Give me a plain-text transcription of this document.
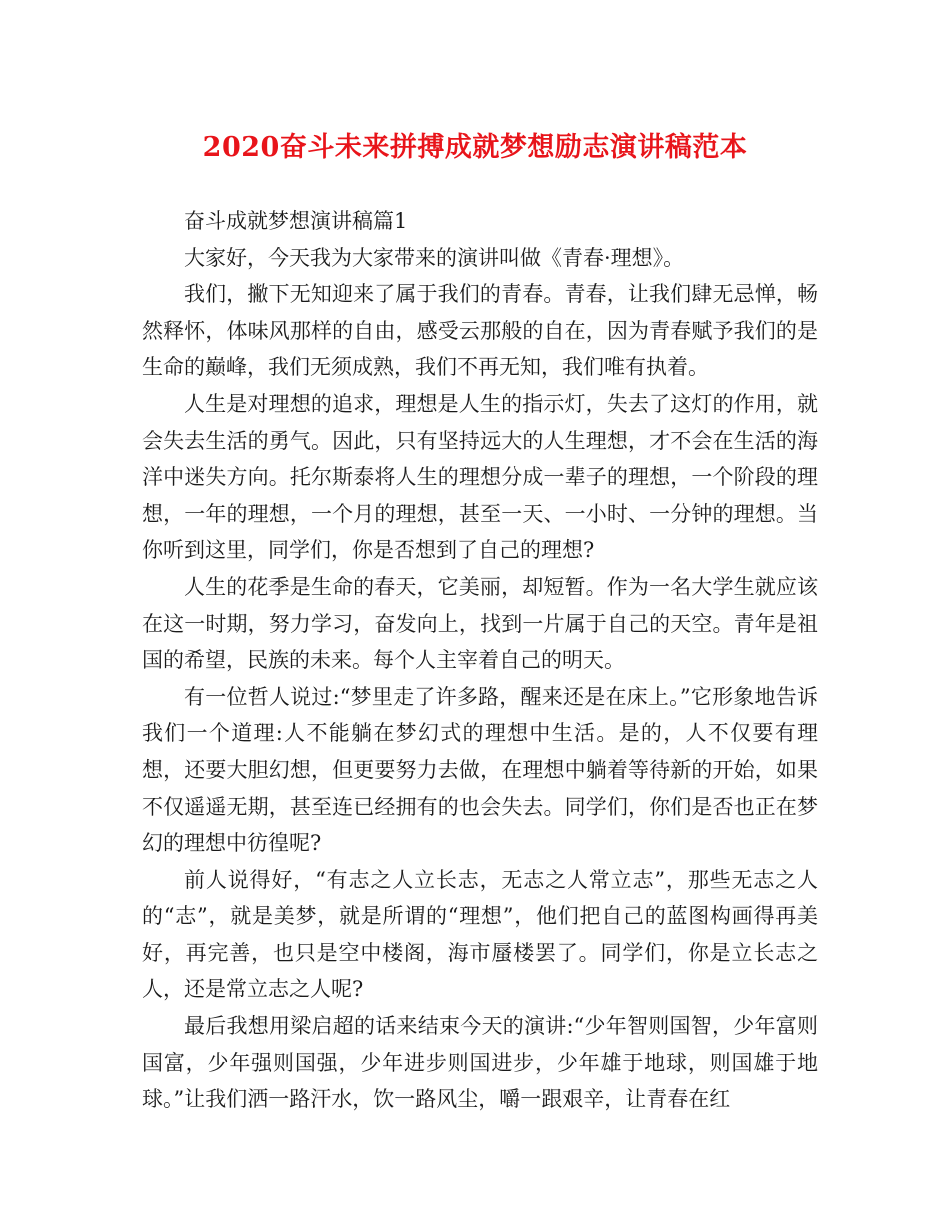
2020奋斗未来拼搏成就梦想励志演讲稿范本

奋斗成就梦想演讲稿篇1

大家好，今天我为大家带来的演讲叫做《青春·理想》。

我们，撇下无知迎来了属于我们的青春。青春，让我们肆无忌惮，畅然释怀，体味风那样的自由，感受云那般的自在，因为青春赋予我们的是生命的巅峰，我们无须成熟，我们不再无知，我们唯有执着。

人生是对理想的追求，理想是人生的指示灯，失去了这灯的作用，就会失去生活的勇气。因此，只有坚持远大的人生理想，才不会在生活的海洋中迷失方向。托尔斯泰将人生的理想分成一辈子的理想，一个阶段的理想，一年的理想，一个月的理想，甚至一天、一小时、一分钟的理想。当你听到这里，同学们，你是否想到了自己的理想?

人生的花季是生命的春天，它美丽，却短暂。作为一名大学生就应该在这一时期，努力学习，奋发向上，找到一片属于自己的天空。青年是祖国的希望，民族的未来。每个人主宰着自己的明天。

有一位哲人说过:“梦里走了许多路，醒来还是在床上。”它形象地告诉我们一个道理:人不能躺在梦幻式的理想中生活。是的，人不仅要有理想，还要大胆幻想，但更要努力去做，在理想中躺着等待新的开始，如果不仅遥遥无期，甚至连已经拥有的也会失去。同学们，你们是否也正在梦幻的理想中彷徨呢?

前人说得好，“有志之人立长志，无志之人常立志”，那些无志之人的“志”，就是美梦，就是所谓的“理想”，他们把自己的蓝图构画得再美好，再完善，也只是空中楼阁，海市蜃楼罢了。同学们，你是立长志之人，还是常立志之人呢?

最后我想用梁启超的话来结束今天的演讲:“少年智则国智，少年富则国富，少年强则国强，少年进步则国进步，少年雄于地球，则国雄于地球。”让我们洒一路汗水，饮一路风尘，嚼一跟艰辛，让青春在红
